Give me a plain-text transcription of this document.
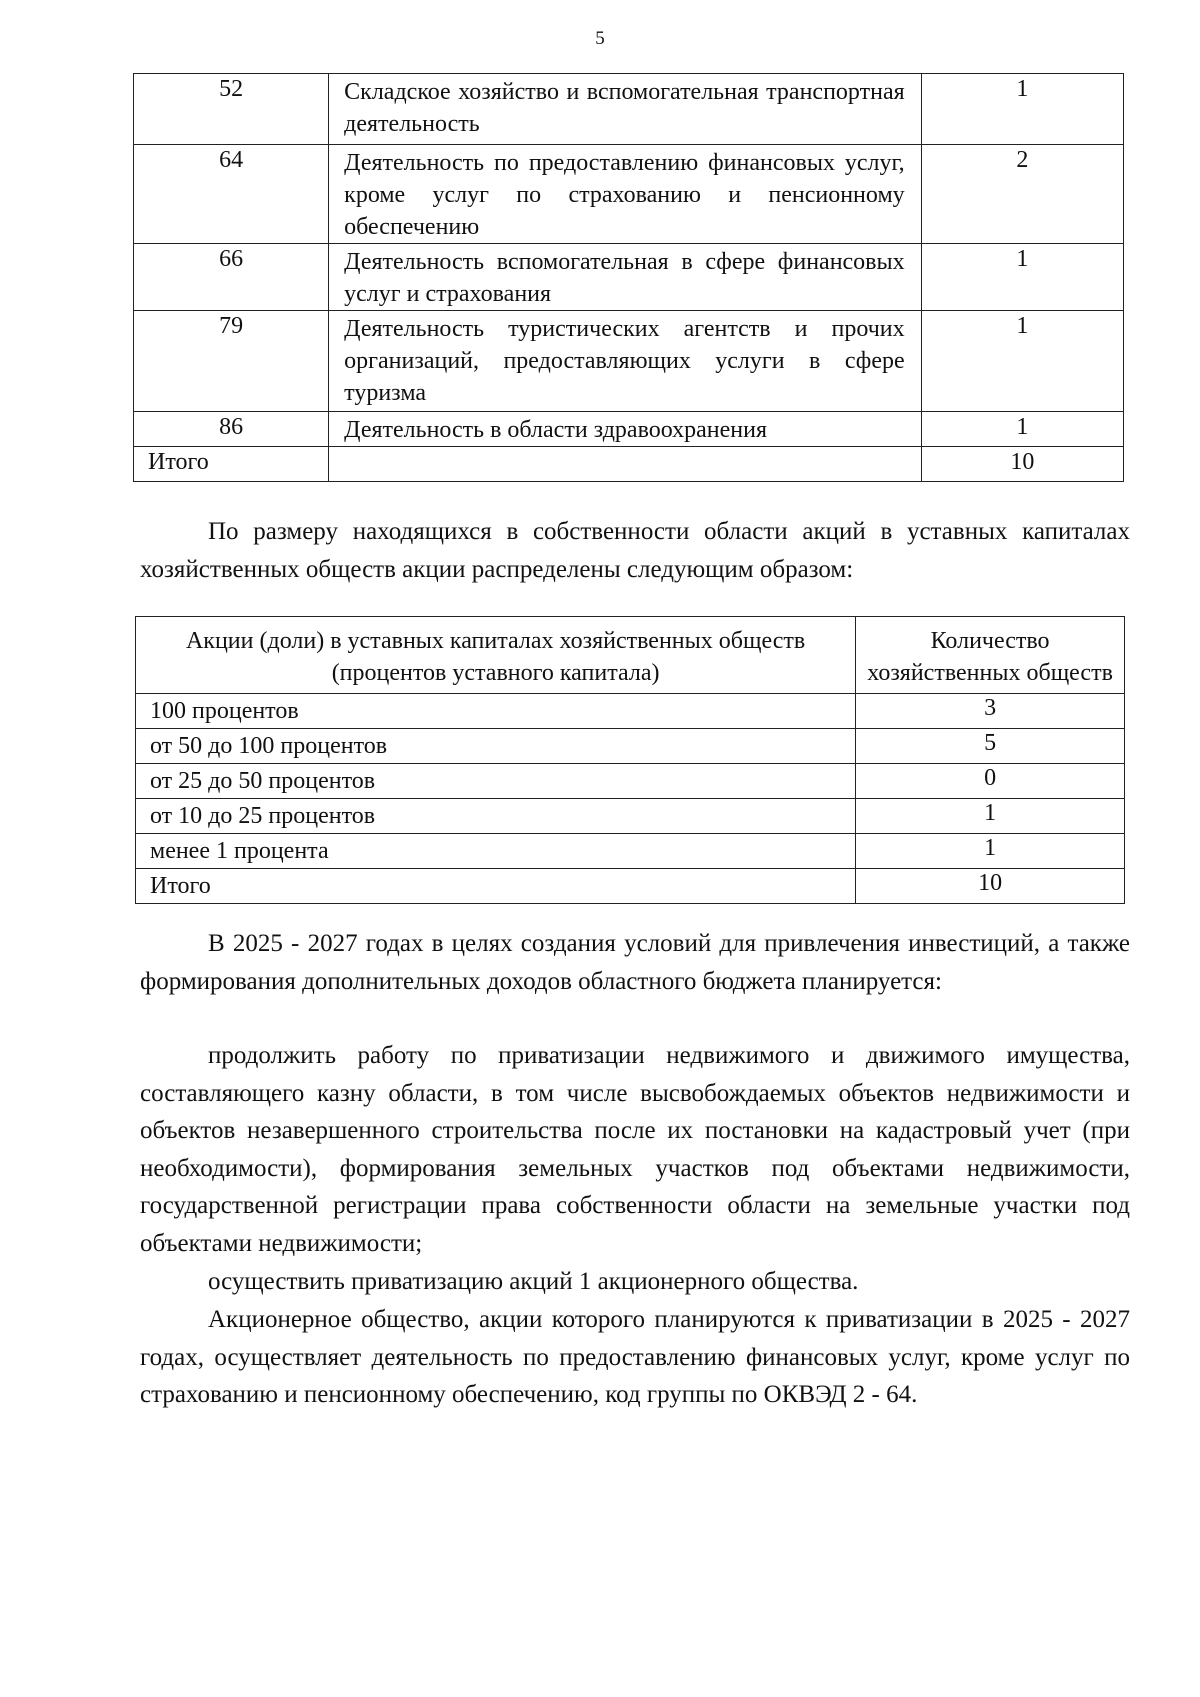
5
52	Складское хозяйство и вспомогательная транспортная деятельность	1
64	Деятельность по предоставлению финансовых услуг, кроме услуг по страхованию и пенсионному обеспечению	2
66	Деятельность вспомогательная в сфере финансовых услуг и страхования	1
79	Деятельность туристических агентств и прочих организаций, предоставляющих услуги в сфере туризма	1
86	Деятельность в области здравоохранения	1
Итого		10
По размеру находящихся в собственности области акций в уставных капиталах хозяйственных обществ акции распределены следующим образом:
Акции (доли) в уставных капиталах хозяйственных обществ (процентов уставного капитала)	Количество хозяйственных обществ
100 процентов	3
от 50 до 100 процентов	5
от 25 до 50 процентов	0
от 10 до 25 процентов	1
менее 1 процента	1
Итого	10
В 2025 - 2027 годах в целях создания условий для привлечения инвестиций, а также формирования дополнительных доходов областного бюджета планируется:
продолжить работу по приватизации недвижимого и движимого имущества, составляющего казну области, в том числе высвобождаемых объектов недвижимости и объектов незавершенного строительства после их постановки на кадастровый учет (при необходимости), формирования земельных участков под объектами недвижимости, государственной регистрации права собственности области на земельные участки под объектами недвижимости;
осуществить приватизацию акций 1 акционерного общества.
Акционерное общество, акции которого планируются к приватизации в 2025 - 2027 годах, осуществляет деятельность по предоставлению финансовых услуг, кроме услуг по страхованию и пенсионному обеспечению, код группы по ОКВЭД 2 - 64.
